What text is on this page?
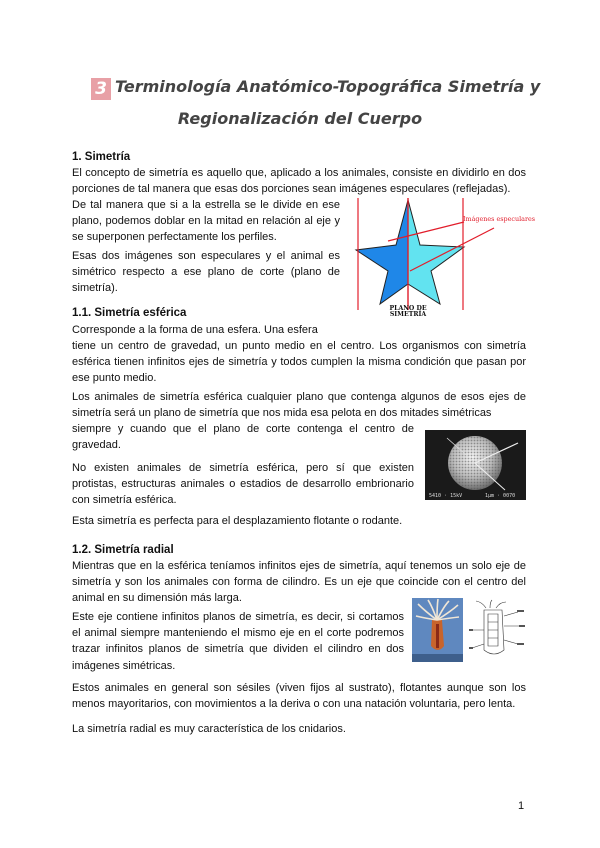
3 Terminología Anatómico-Topográfica Simetría y
Regionalización del Cuerpo
1. Simetría
El concepto de simetría es aquello que, aplicado a los animales, consiste en dividirlo en dos porciones de tal manera que esas dos porciones sean imágenes especulares (reflejadas).
De tal manera que si a la estrella se le divide en ese plano, podemos doblar en la mitad en relación al eje y se superponen perfectamente los perfiles.
Esas dos imágenes son especulares y el animal es simétrico respecto a ese plano de corte (plano de simetría).
Imágenes especulares
PLANO DE
SIMETRÍA
1.1. Simetría esférica
Corresponde a la forma de una esfera. Una esfera
tiene un centro de gravedad, un punto medio en el centro. Los organismos con simetría esférica tienen infinitos ejes de simetría y todos cumplen la misma condición que pasan por ese punto medio.
Los animales de simetría esférica cualquier plano que contenga algunos de esos ejes de simetría será un plano de simetría que nos mida esa pelota en dos mitades simétricas
siempre y cuando que el plano de corte contenga el centro de gravedad.
No existen animales de simetría esférica, pero sí que existen protistas, estructuras animales o estadios de desarrollo embrionario con simetría esférica.
Esta simetría es perfecta para el desplazamiento flotante o rodante.
5410 · 15kV	1µm · 0070
1.2. Simetría radial
Mientras que en la esférica teníamos infinitos ejes de simetría, aquí tenemos un solo eje de simetría y son los animales con forma de cilindro. Es un eje que coincide con el centro del animal en su dimensión más larga.
Este eje contiene infinitos planos de simetría, es decir, si cortamos el animal siempre manteniendo el mismo eje en el corte podremos trazar infinitos planos de simetría que dividen el cilindro en dos imágenes simétricas.
Estos animales en general son sésiles (viven fijos al sustrato), flotantes aunque son los menos mayoritarios, con movimientos a la deriva o con una natación voluntaria, pero lenta.
La simetría radial es muy característica de los cnidarios.
1
